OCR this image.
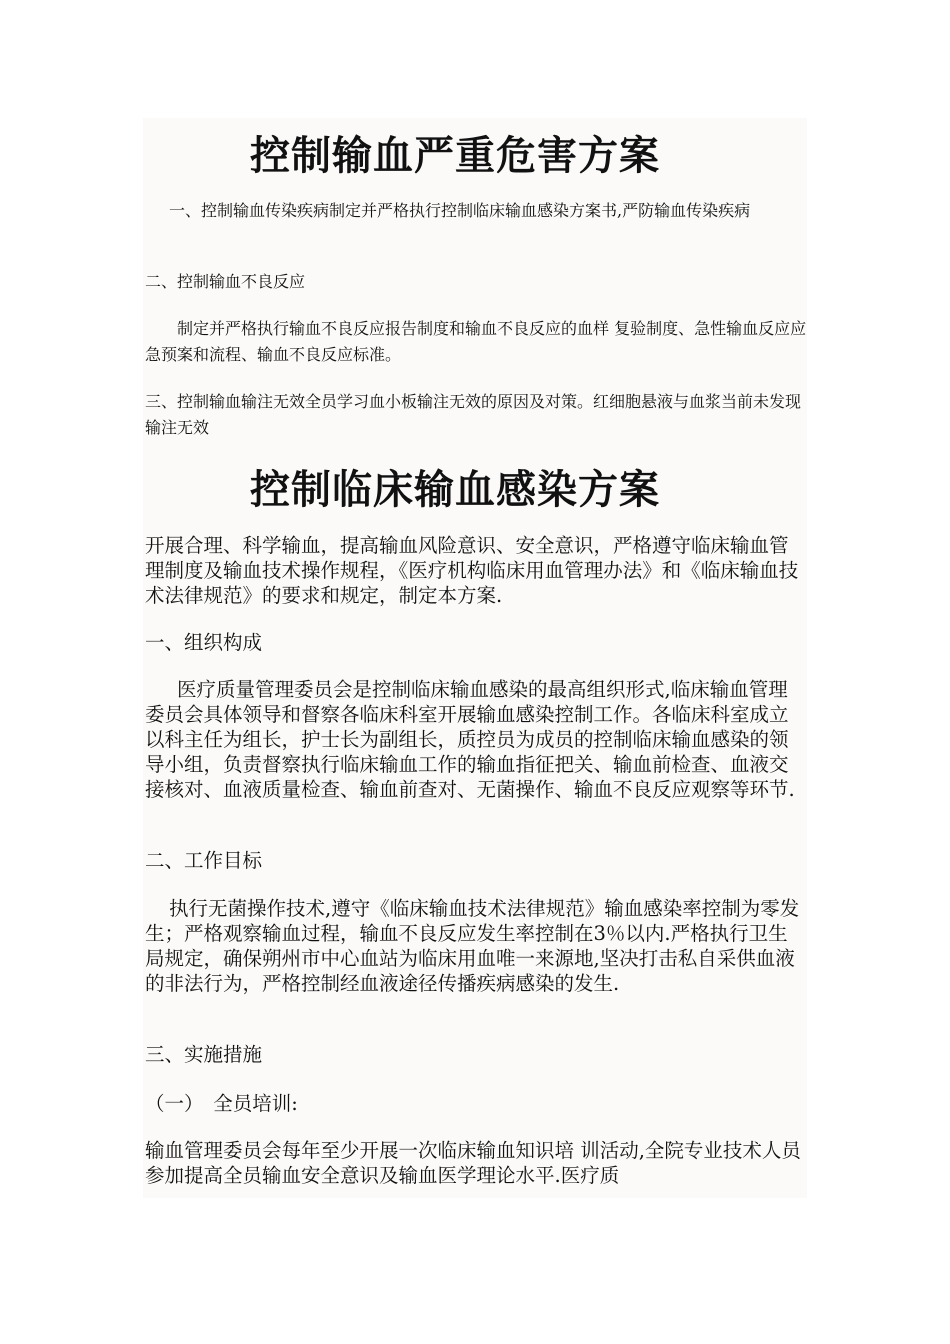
控制输血严重危害方案

一、控制输血传染疾病制定并严格执行控制临床输血感染方案书,严防输血传染疾病

二、控制输血不良反应

制定并严格执行输血不良反应报告制度和输血不良反应的血样 复验制度、急性输血反应应急预案和流程、输血不良反应标准。

三、控制输血输注无效全员学习血小板输注无效的原因及对策。红细胞悬液与血浆当前未发现输注无效

控制临床输血感染方案

开展合理、科学输血，提高输血风险意识、安全意识，严格遵守临床输血管理制度及输血技术操作规程，《医疗机构临床用血管理办法》和《临床输血技术法律规范》的要求和规定，制定本方案.

一、组织构成

医疗质量管理委员会是控制临床输血感染的最高组织形式,临床输血管理委员会具体领导和督察各临床科室开展输血感染控制工作。各临床科室成立以科主任为组长，护士长为副组长，质控员为成员的控制临床输血感染的领导小组，负责督察执行临床输血工作的输血指征把关、输血前检查、血液交接核对、血液质量检查、输血前查对、无菌操作、输血不良反应观察等环节.

二、工作目标

执行无菌操作技术,遵守《临床输血技术法律规范》输血感染率控制为零发生；严格观察输血过程，输血不良反应发生率控制在3％以内.严格执行卫生局规定，确保朔州市中心血站为临床用血唯一来源地,坚决打击私自采供血液的非法行为，严格控制经血液途径传播疾病感染的发生.

三、实施措施

（一）　全员培训:

输血管理委员会每年至少开展一次临床输血知识培 训活动,全院专业技术人员参加提高全员输血安全意识及输血医学理论水平.医疗质
